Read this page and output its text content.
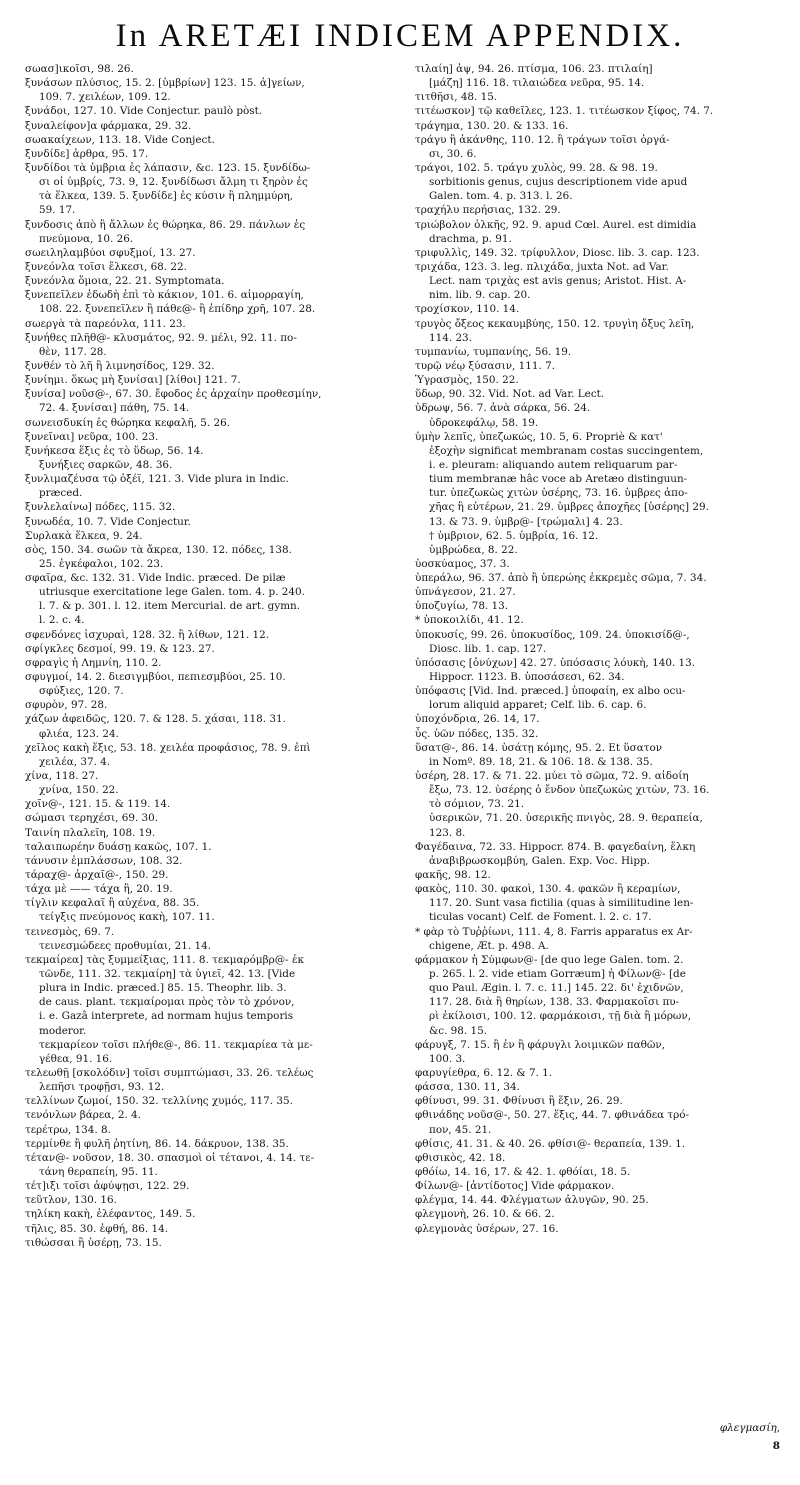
In ARETÆI INDICEM APPENDIX.
σωασ]ικοῖσι, 98. 26.
ξυνάσων πλύσιος, 15. 2. [ὑμβρίων] 123. 15. ἀ]γείων,
109. 7. χειλέων, 109. 12.
ξυνάδοι, 127. 10. Vide Conjectur. paulò pòst.
ξυναλείφον]α φάρμακα, 29. 32.
σωακαίχεων, 113. 18. Vide Conject.
ξυνδίδε] ἀρθρα, 95. 17.
ξυνδίδοι τὰ ὑμβρια ἐς λάπασιν, &c. 123. 15. ξυνδίδω-
σι οἱ ὑμβρίς, 73. 9, 12. ξυνδίδωσι ἄλμη τι ξηρὸν ἐς
τὰ ἕλκεα, 139. 5. ξυνδίδε] ἐς κύσιν ἢ πλημμύρη,
59. 17.
ξυνδοσις ἀπὸ ἢ ἄλλων ἐς θώρηκα, 86. 29. πάνλων ἐς
πνεύμονα, 10. 26.
σωειληλαμβύοι σφυξμοί, 13. 27.
ξυνεόνλα τοῖσι ἕλκεσι, 68. 22.
ξυνεόνλα ὅμοια, 22. 21. Symptomata.
ξυνεπεῖλεν ἐδωδὴ ἐπὶ τὸ κάκιον, 101. 6. αἱμορραγίη,
108. 22. ξυνεπεῖλεν ἢ πάθε@- ἢ ἐπίδηρ χρῆ, 107. 28.
σωεργὰ τὰ παρεόνλα, 111. 23.
ξυνήθες πλῆθ@- κλυσμάτος, 92. 9. μέλι, 92. 11. πο-
θὲν, 117. 28.
ξυνθέν τὸ λῆ ἢ λιμνησίδος, 129. 32.
ξυνίημι. ὅκως μὴ ξυνίσαι] [λίθοι] 121. 7.
ξυνίσα] νοῦσ@-, 67. 30. ἔφοδος ἐς ἀρχαίην προθεσμίην,
72. 4. ξυνίσαι] πάθη, 75. 14.
σωνεισδυκίη ἐς θώρηκα κεφαλῆ, 5. 26.
ξυνεῖναι] νεῦρα, 100. 23.
ξυνήκεσα ἕξις ἐς τὸ ὕδωρ, 56. 14.
ξυνήξιες σαρκῶν, 48. 36.
ξυνλιμαζέυσα τῷ ὀξέϊ, 121. 3. Vide plura in Indic.
præced.
ξυνλελαίνω] πόδες, 115. 32.
ξυνωδέα, 10. 7. Vide Conjectur.
Συρλακὰ ἕλκεα, 9. 24.
σὸς, 150. 34. σωῶν τὰ ἄκρεα, 130. 12. πόδες, 138.
25. ἐγκέφαλοι, 102. 23.
σφαῖρα, &c. 132. 31. Vide Indic. præced. De pilæ
utriusque exercitatione lege Galen. tom. 4. p. 240.
l. 7. & p. 301. l. 12. item Mercurial. de art. gymn.
l. 2. c. 4.
σφενδόνες ἰσχυραὶ, 128. 32. ἢ λίθων, 121. 12.
σφίγκλες δεσμοί, 99. 19. & 123. 27.
σφραγὶς ἡ Λημνίη, 110. 2.
σφυγμοί, 14. 2. διεσιγμβύοι, πεπιεσμβύοι, 25. 10.
σφύξιες, 120. 7.
σφυρὸν, 97. 28.
χάζων ἀφειδῶς, 120. 7. & 128. 5. χάσαι, 118. 31.
φλιέα, 123. 24.
χεῖλος κακὴ ἕξις, 53. 18. χειλέα προφάσιος, 78. 9. ἐπὶ
χειλέα, 37. 4.
χίνα, 118. 27.
χνίνα, 150. 22.
χοῖν@-, 121. 15. & 119. 14.
σώμασι τερηχέσι, 69. 30.
Ταινίη πλαλεῖη, 108. 19.
ταλαιπωρέην δυάσῃ κακῶς, 107. 1.
τάνυσιν ἐμπλάσσων, 108. 32.
τάραχ@- ἀρχαῖ@-, 150. 29.
τάχα μὲ —— τάχα ἢ, 20. 19.
τίγλιν κεφαλαῖ ἢ αὐχένα, 88. 35.
τείγξις πνεύμονος κακὴ, 107. 11.
τεινεσμὸς, 69. 7.
τεινεσμώδεες προθυμίαι, 21. 14.
τεκμαίρεα] τὰς ξυμμείξιας, 111. 8. τεκμαρόμβρ@- ἐκ
τῶνδε, 111. 32. τεκμαίρη] τὰ ὑγιεῖ, 42. 13. [Vide
plura in Indic. præced.] 85. 15. Theophr. lib. 3.
de caus. plant. τεκμαίρομαι πρὸς τὸν τὸ χρόνον,
i. e. Gazâ interprete, ad normam hujus temporis
moderor.
τεκμαρίεον τοῖσι πλήθε@-, 86. 11. τεκμαρίεα τὰ με-
γέθεα, 91. 16.
τελεωθῇ [σκολόδιν] τοῖσι συμπτώμασι, 33. 26. τελέως
λεπῆσι τροφῇσι, 93. 12.
τελλίνων ζωμοί, 150. 32. τελλίνης χυμός, 117. 35.
τενόνλων βάρεα, 2. 4.
τερέτρω, 134. 8.
τερμίνθε ἢ φυλῆ ῥητίνη, 86. 14. δάκρυον, 138. 35.
τέταν@- νοῦσον, 18. 30. σπασμοὶ οἱ τέτανοι, 4. 14. τε-
τάνη θεραπείη, 95. 11.
τέτ]ιξι τοῖσι ἀφύψῃσι, 122. 29.
τεῦτλον, 130. 16.
τηλίκη κακὴ, ἐλέφαντος, 149. 5.
τῆλις, 85. 30. ἑφθή, 86. 14.
τιθώσσαι ἢ ὑσέρῃ, 73. 15.
τιλαίη] ἀψ, 94. 26. πτίσμα, 106. 23. πτιλαίη]
[μάζη] 116. 18. τιλαιώδεα νεῦρα, 95. 14.
τιτθῆσι, 48. 15.
τιτέωσκον] τῷ καθεῖλες, 123. 1. τιτέωσκον ξίφος, 74. 7.
τράγημα, 130. 20. & 133. 16.
τράγυ ἢ ἀκάνθης, 110. 12. ἢ τράγων τοῖσι ὀργά-
σι, 30. 6.
τράγοι, 102. 5. τράγυ χυλὸς, 99. 28. & 98. 19.
sorbitionis genus, cujus descriptionem vide apud
Galen. tom. 4. p. 313. l. 26.
τραχήλυ περήσιας, 132. 29.
τριώβολον ὁλκῆς, 92. 9. apud Cœl. Aurel. est dimidia
drachma, p. 91.
τριφυλλὶς, 149. 32. τρίφυλλον, Diosc. lib. 3. cap. 123.
τριχάδα, 123. 3. leg. πλιχάδα, juxta Not. ad Var.
Lect. nam τριχὰς est avis genus; Aristot. Hist. A-
nim. lib. 9. cap. 20.
τροχίσκον, 110. 14.
τρυγὸς ὄξεος κεκαυμβύης, 150. 12. τρυγὶη ὄξυς λεῖη,
114. 23.
τυμπανίω, τυμπανίης, 56. 19.
τυρῷ νέῳ ξύσασιν, 111. 7.
Ὑγρασμὸς, 150. 22.
ὕδωρ, 90. 32. Vid. Not. ad Var. Lect.
ὑδρωψ, 56. 7. ἀνὰ σάρκα, 56. 24.
ὑδροκεφάλῳ, 58. 19.
ὑμὴν λεπῖς, ὑπεζωκώς, 10. 5, 6. Propriè & κατ'
ἐξοχὴν significat membranam costas succingentem,
i. e. pleuram: aliquando autem reliquarum par-
tium membranæ hâc voce ab Aretæo distinguun-
tur. ὑπεζωκὼς χιτὼν ὑσέρης, 73. 16. ὑμβρες ἀπο-
χῆας ἢ εὐτέρων, 21. 29. ὑμβρες ἀποχῆες [ὑσέρης] 29.
13. & 73. 9. ὑμβρ@- [τρώμαλι] 4. 23.
† ὑμβριον, 62. 5. ὑμβρία, 16. 12.
ὑμβρώδεα, 8. 22.
ὑοσκύαμος, 37. 3.
ὑπεράλω, 96. 37. ἀπὸ ἢ ὑπερώης ἐκκρεμὲς σῶμα, 7. 34.
ὑπνάγεσον, 21. 27.
ὑποζυγίω, 78. 13.
* ὑποκοιλίδι, 41. 12.
ὑποκυσίς, 99. 26. ὑποκυσίδος, 109. 24. ὑποκισίδ@-,
Diosc. lib. 1. cap. 127.
ὑπόσασις [ὀνύχων] 42. 27. ὑπόσασις λόυκὴ, 140. 13.
Hippocr. 1123. B. ὑποσάσεσι, 62. 34.
ὑπόφασις [Vid. Ind. præced.] ὑποφαίη, ex albo ocu-
lorum aliquid apparet; Celf. lib. 6. cap. 6.
ὑποχόνδρια, 26. 14, 17.
ὗς. ὑῶν πόδες, 135. 32.
ὕσατ@-, 86. 14. ὑσάτῃ κόμης, 95. 2. Et ὕσατον
in Nomº. 89. 18, 21. & 106. 18. & 138. 35.
ὑσέρη, 28. 17. & 71. 22. μύει τὸ σῶμα, 72. 9. αἰδοίη
ἔξω, 73. 12. ὑσέρης ὁ ἔνδον ὑπεζωκὼς χιτὼν, 73. 16.
τὸ σόμιον, 73. 21.
ὑσερικῶν, 71. 20. ὑσερικῆς πνιγὸς, 28. 9. θεραπεία,
123. 8.
Φαγέδαινα, 72. 33. Hippocr. 874. B. φαγεδαίνη, ἕλκη
ἀναβιβρωσκομβύη, Galen. Exp. Voc. Hipp.
φακῆς, 98. 12.
φακὸς, 110. 30. φακοὶ, 130. 4. φακῶν ἢ κεραμίων,
117. 20. Sunt vasa fictilia (quas à similitudine len-
ticulas vocant) Celf. de Foment. l. 2. c. 17.
* φὰρ τὸ Τυῤῥίωνι, 111. 4, 8. Farris apparatus ex Ar-
chigene, Æt. p. 498. A.
φάρμακον ἡ Σύμφων@- [de quo lege Galen. tom. 2.
p. 265. l. 2. vide etiam Gorræum] ἡ Φίλων@- [de
quo Paul. Ægin. l. 7. c. 11.] 145. 22. δι' ἐχιδνῶν,
117. 28. διὰ ἢ θηρίων, 138. 33. Φαρμακοῖσι πυ-
ρὶ ἐκίλοισι, 100. 12. φαρμάκοισι, τῇ διὰ ἢ μόρων,
&c. 98. 15.
φάρυγξ, 7. 15. ἢ ἐν ἢ φάρυγλι λοιμικῶν παθῶν,
100. 3.
φαρυγίεθρα, 6. 12. & 7. 1.
φάσσα, 130. 11, 34.
φθίνυσι, 99. 31. Φθίνυσι ἢ ἕξιν, 26. 29.
φθινάδης νοῦσ@-, 50. 27. ἕξις, 44. 7. φθινάδεα τρό-
πον, 45. 21.
φθίσις, 41. 31. & 40. 26. φθίσι@- θεραπεία, 139. 1.
φθισικὸς, 42. 18.
φθόίω, 14. 16, 17. & 42. 1. φθόίαι, 18. 5.
Φίλων@- [ἀντίδοτος] Vide φάρμακον.
φλέγμα, 14. 44. Φλέγματων ἀλυγῶν, 90. 25.
φλεγμονὴ, 26. 10. & 66. 2.
φλεγμονὰς ὑσέρων, 27. 16.
φλεγμασίη,
8
